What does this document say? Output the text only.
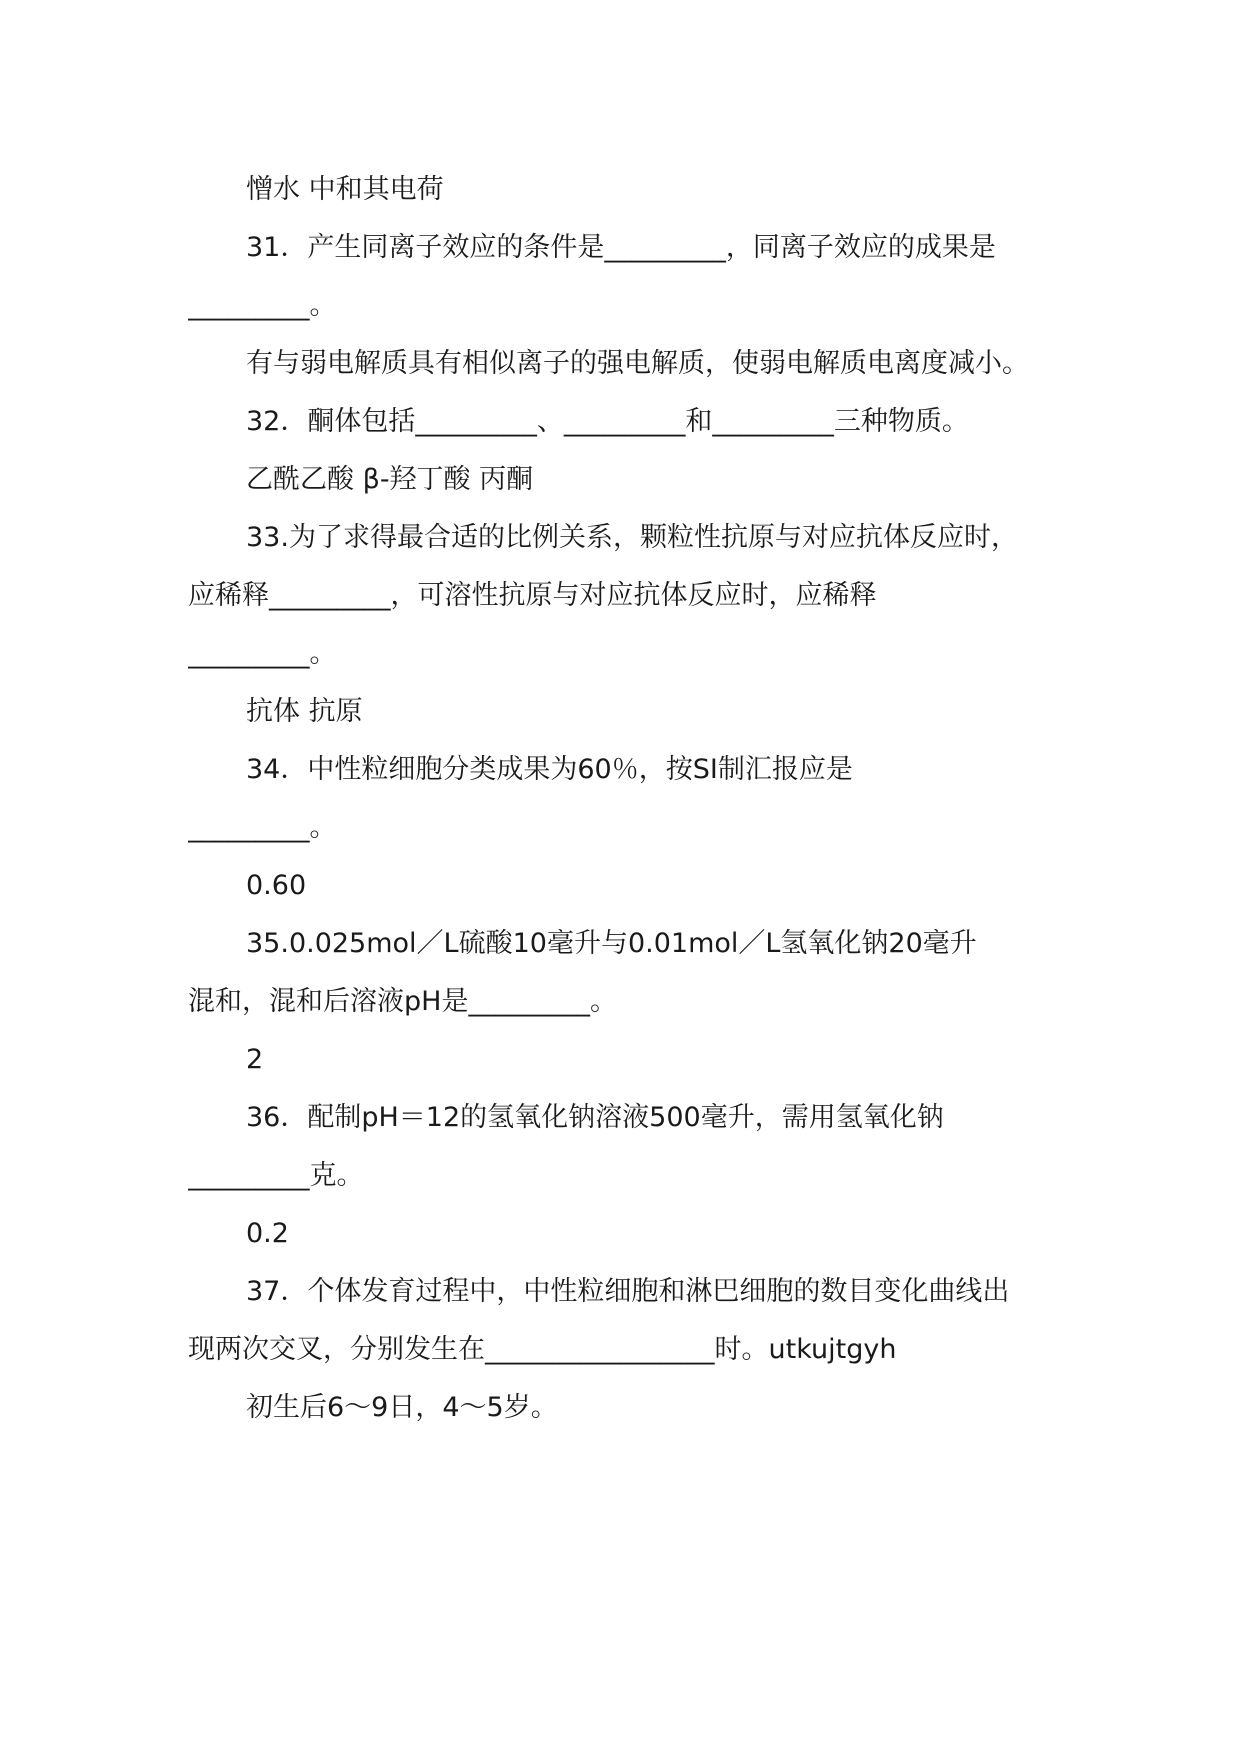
憎水 中和其电荷
31．产生同离子效应的条件是_________，同离子效应的成果是
_________。
有与弱电解质具有相似离子的强电解质，使弱电解质电离度减小。
32．酮体包括_________、_________和_________三种物质。
乙酰乙酸 β-羟丁酸 丙酮
33.为了求得最合适的比例关系，颗粒性抗原与对应抗体反应时，
应稀释_________，可溶性抗原与对应抗体反应时，应稀释
_________。
抗体 抗原
34．中性粒细胞分类成果为60％，按SI制汇报应是
_________。
0.60
35.0.025mol／L硫酸10毫升与0.01mol／L氢氧化钠20毫升
混和，混和后溶液pH是_________。
2
36．配制pH＝12的氢氧化钠溶液500毫升，需用氢氧化钠
_________克。
0.2
37．个体发育过程中，中性粒细胞和淋巴细胞的数目变化曲线出
现两次交叉，分别发生在_________________时。utkujtgyh
初生后6～9日，4～5岁。
